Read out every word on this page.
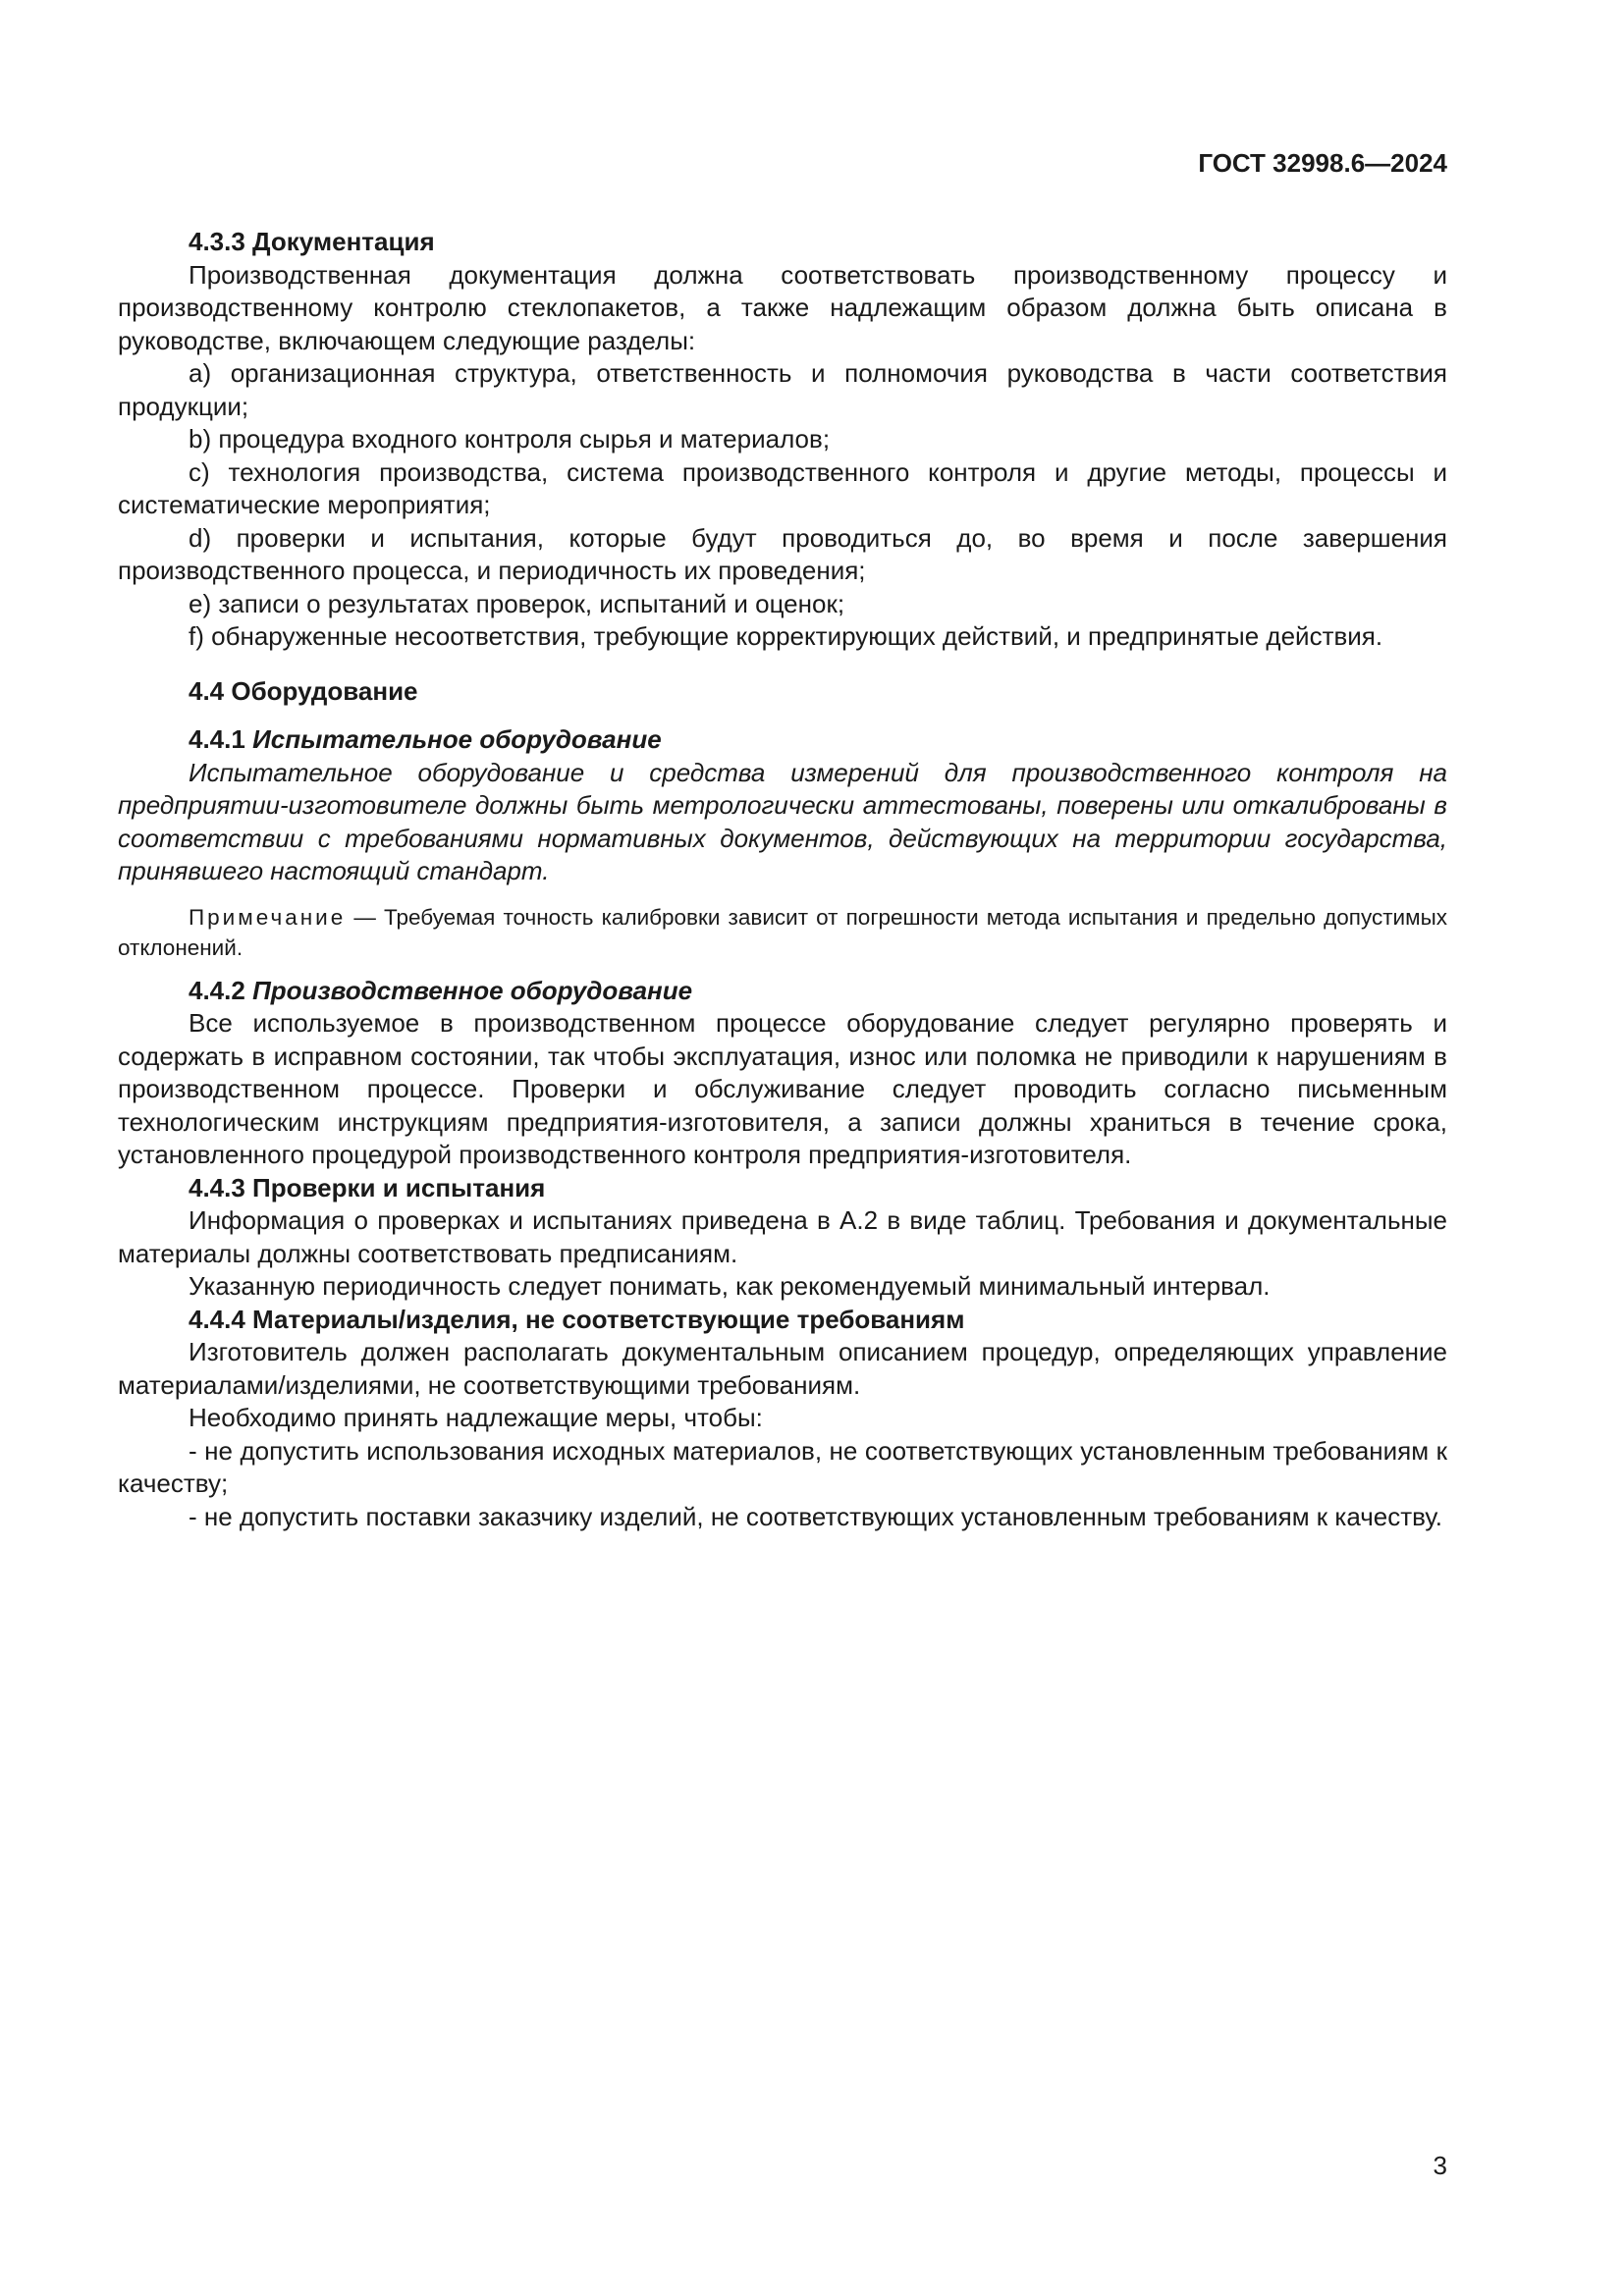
ГОСТ 32998.6—2024

4.3.3 Документация

Производственная документация должна соответствовать производственному процессу и производственному контролю стеклопакетов, а также надлежащим образом должна быть описана в руководстве, включающем следующие разделы:

a) организационная структура, ответственность и полномочия руководства в части соответствия продукции;

b) процедура входного контроля сырья и материалов;

c) технология производства, система производственного контроля и другие методы, процессы и систематические мероприятия;

d) проверки и испытания, которые будут проводиться до, во время и после завершения производственного процесса, и периодичность их проведения;

e) записи о результатах проверок, испытаний и оценок;

f) обнаруженные несоответствия, требующие корректирующих действий, и предпринятые действия.

4.4 Оборудование

4.4.1 Испытательное оборудование

Испытательное оборудование и средства измерений для производственного контроля на предприятии-изготовителе должны быть метрологически аттестованы, поверены или откалиброваны в соответствии с требованиями нормативных документов, действующих на территории государства, принявшего настоящий стандарт.

Примечание — Требуемая точность калибровки зависит от погрешности метода испытания и предельно допустимых отклонений.

4.4.2 Производственное оборудование

Все используемое в производственном процессе оборудование следует регулярно проверять и содержать в исправном состоянии, так чтобы эксплуатация, износ или поломка не приводили к нарушениям в производственном процессе. Проверки и обслуживание следует проводить согласно письменным технологическим инструкциям предприятия-изготовителя, а записи должны храниться в течение срока, установленного процедурой производственного контроля предприятия-изготовителя.

4.4.3 Проверки и испытания

Информация о проверках и испытаниях приведена в А.2 в виде таблиц. Требования и документальные материалы должны соответствовать предписаниям.

Указанную периодичность следует понимать, как рекомендуемый минимальный интервал.

4.4.4 Материалы/изделия, не соответствующие требованиям

Изготовитель должен располагать документальным описанием процедур, определяющих управление материалами/изделиями, не соответствующими требованиям.

Необходимо принять надлежащие меры, чтобы:

- не допустить использования исходных материалов, не соответствующих установленным требованиям к качеству;

- не допустить поставки заказчику изделий, не соответствующих установленным требованиям к качеству.

3
